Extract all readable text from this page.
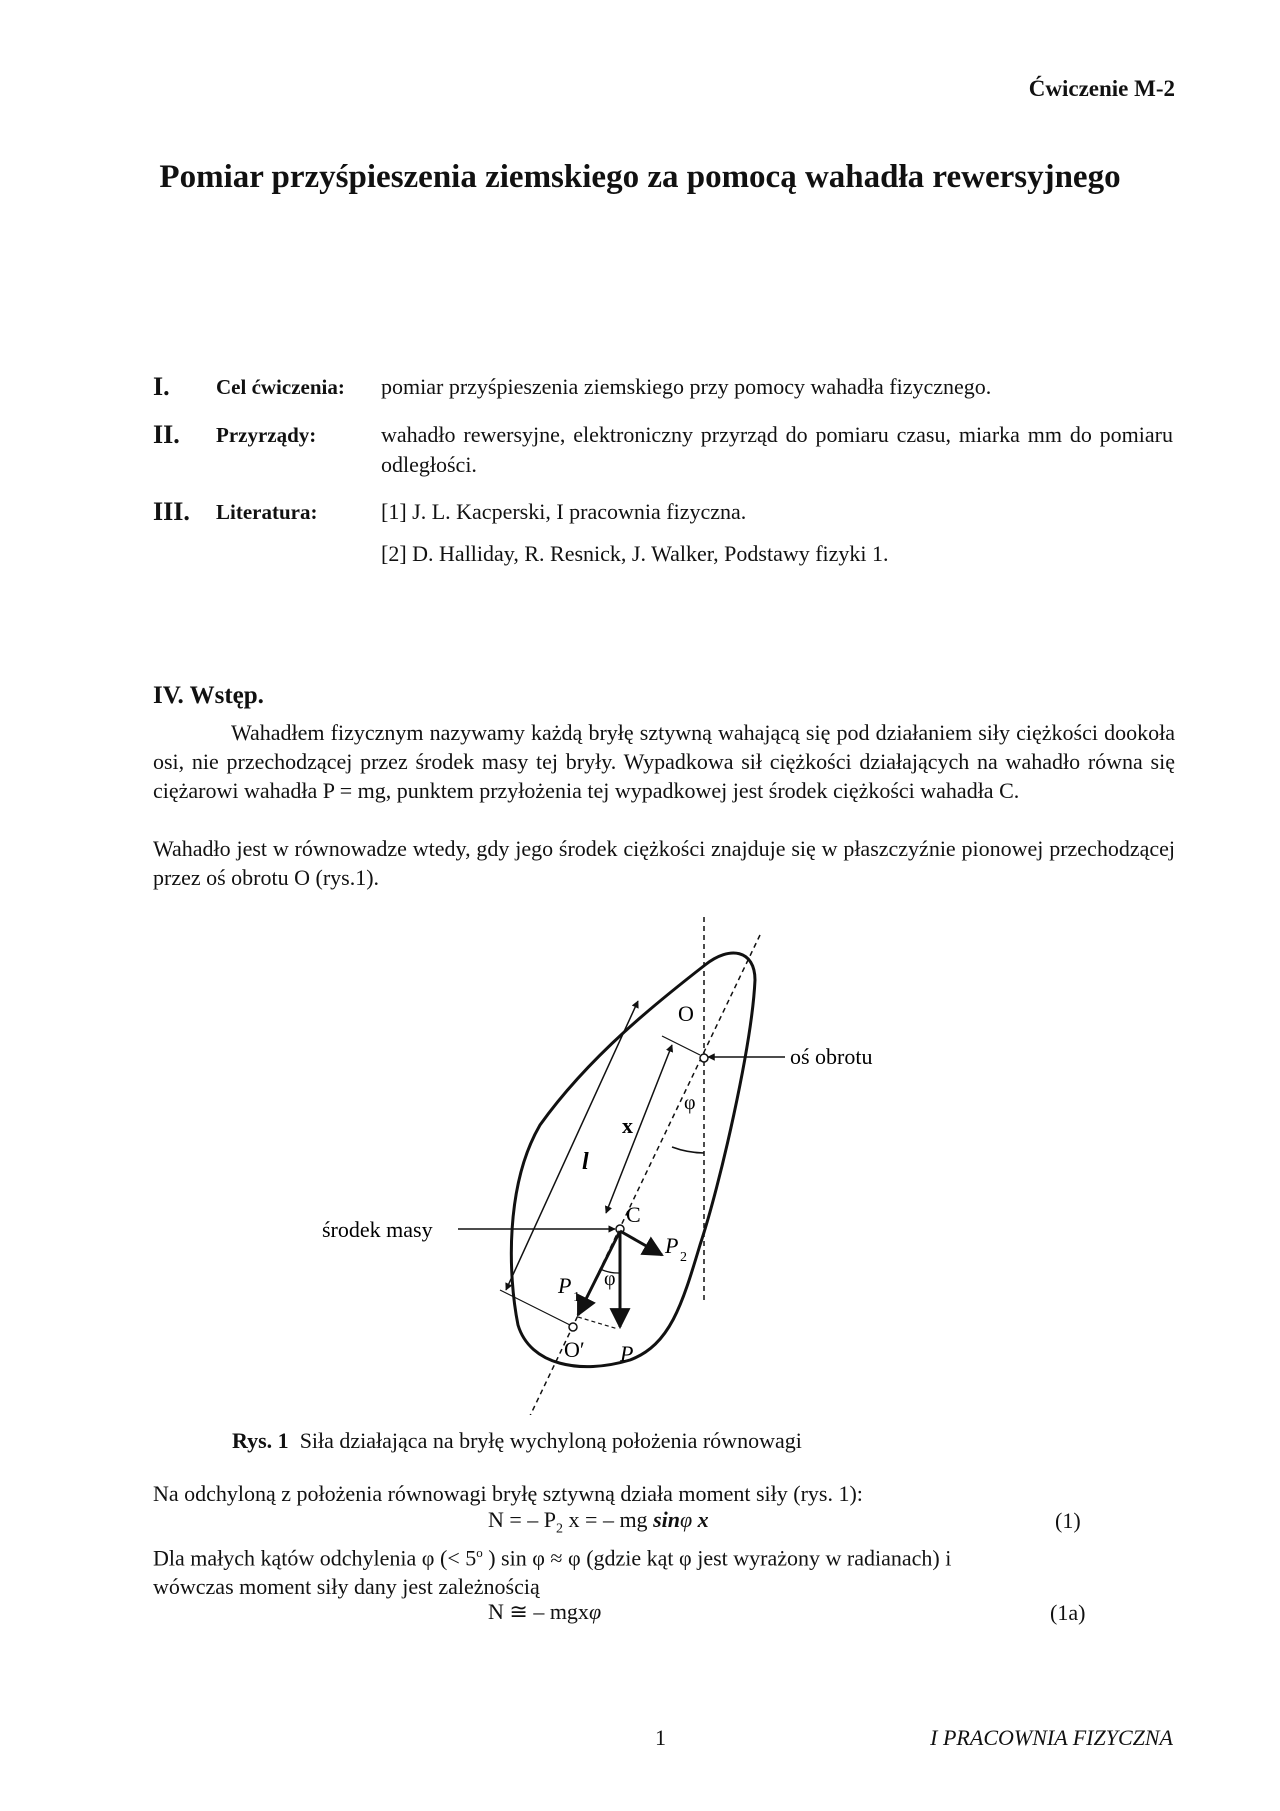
Ćwiczenie M-2
Pomiar przyśpieszenia ziemskiego za pomocą wahadła rewersyjnego
I. Cel ćwiczenia: pomiar przyśpieszenia ziemskiego przy pomocy wahadła fizycznego.
II. Przyrządy:	wahadło rewersyjne, elektroniczny przyrząd do pomiaru czasu, miarka mm do pomiaru odległości.
III. Literatura:	[1] J. L. Kacperski, I pracownia fizyczna.
[2] D. Halliday, R. Resnick, J. Walker, Podstawy fizyki 1.
IV. Wstęp.
Wahadłem fizycznym nazywamy każdą bryłę sztywną wahającą się pod działaniem siły ciężkości dookoła osi, nie przechodzącej przez środek masy tej bryły. Wypadkowa sił ciężkości działających na wahadło równa się ciężarowi wahadła P = mg, punktem przyłożenia tej wypadkowej jest środek ciężkości wahadła C.
Wahadło jest w równowadze wtedy, gdy jego środek ciężkości znajduje się w płaszczyźnie pionowej przechodzącej przez oś obrotu O (rys.1).
O
oś obrotu
φ
x
l
środek masy
C
P 2
P 1
φ
O′ P
Rys. 1 Siła działająca na bryłę wychyloną położenia równowagi
Na odchyloną z położenia równowagi bryłę sztywną działa moment siły (rys. 1):
N = – $P_2$ x = – mg sinφ x	(1)
Dla małych kątów odchylenia φ (< $5^o$ ) sin φ ≈ φ (gdzie kąt φ jest wyrażony w radianach) i
wówczas moment siły dany jest zależnością
N ≅ – mgxφ	(1a)
1	I PRACOWNIA FIZYCZNA
